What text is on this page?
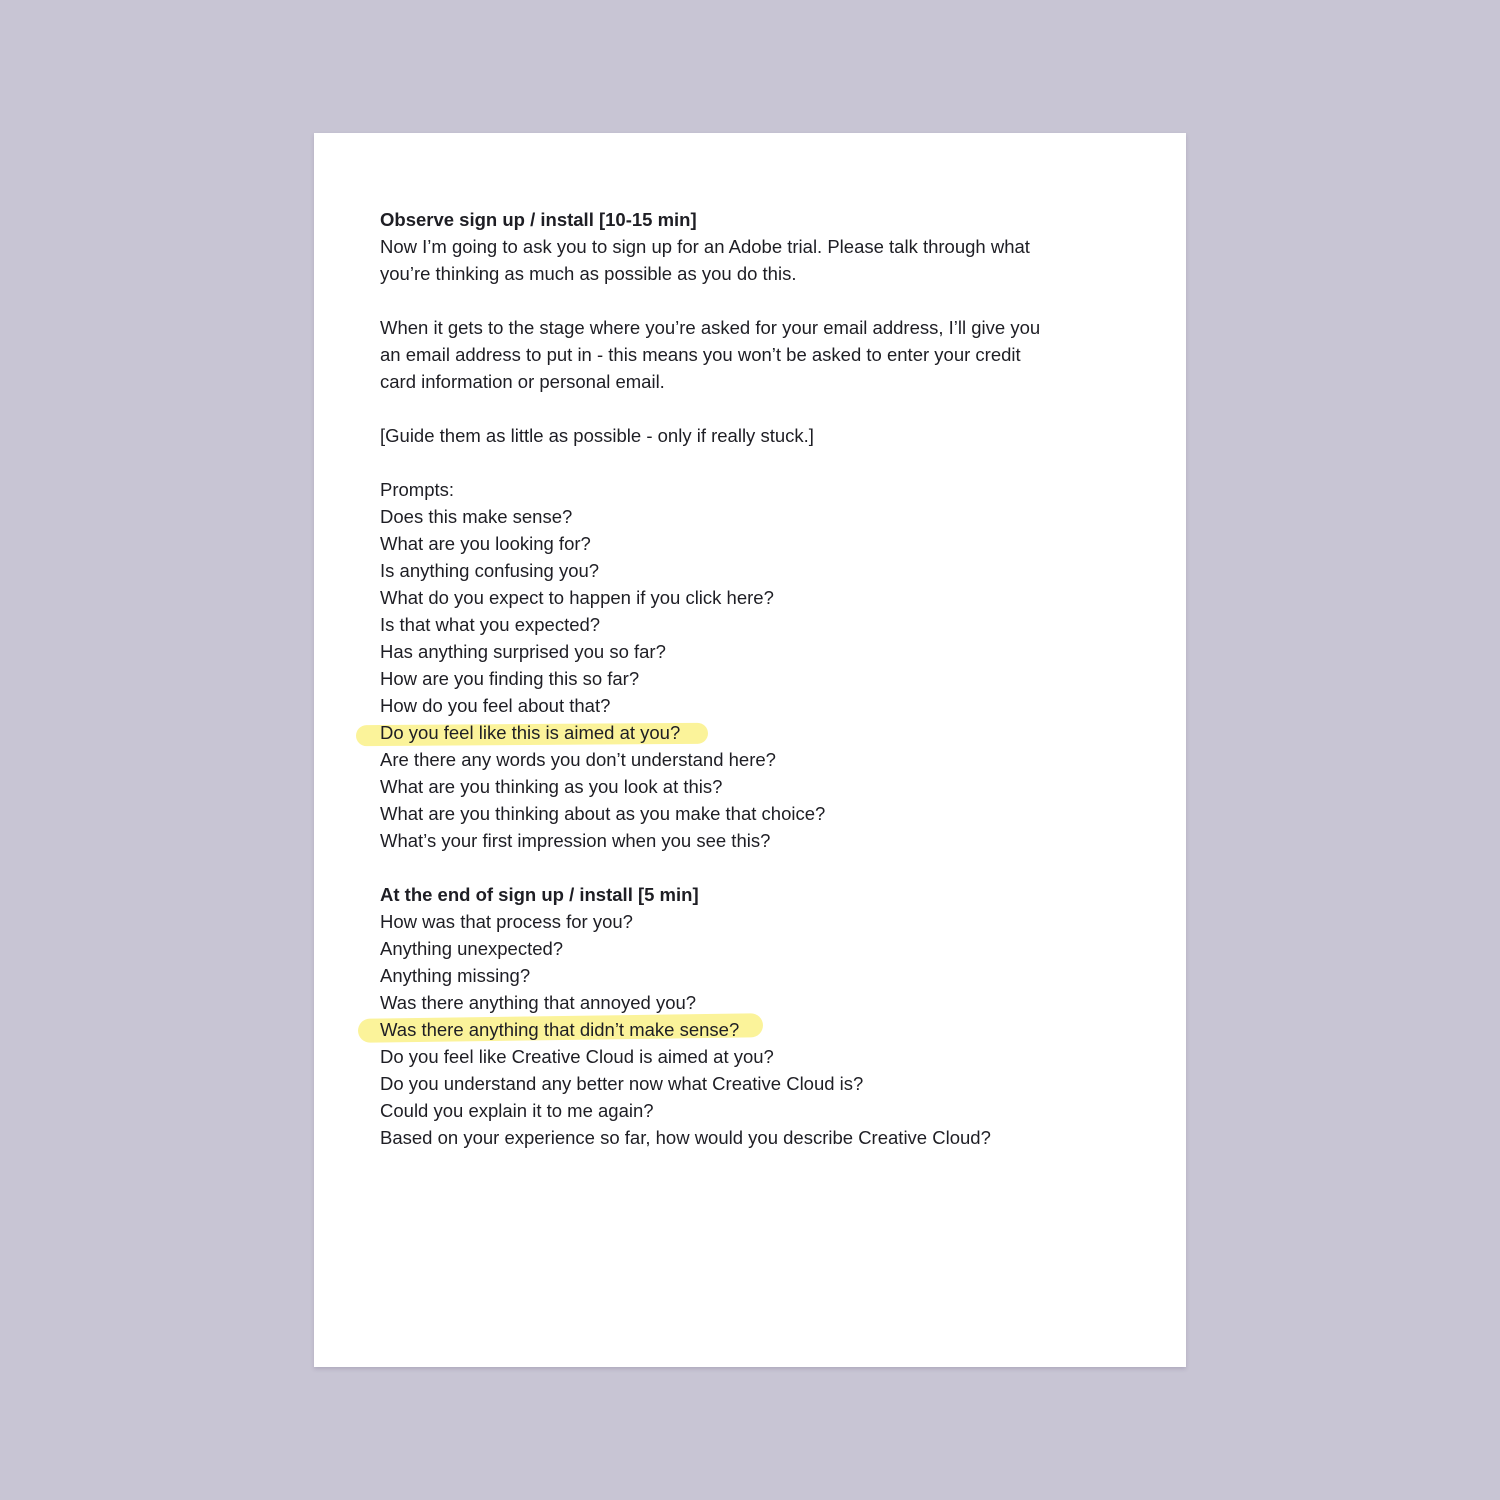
Observe sign up / install [10-15 min]
Now I’m going to ask you to sign up for an Adobe trial. Please talk through what
you’re thinking as much as possible as you do this.
When it gets to the stage where you’re asked for your email address, I’ll give you
an email address to put in - this means you won’t be asked to enter your credit
card information or personal email.
[Guide them as little as possible - only if really stuck.]
Prompts:
Does this make sense?
What are you looking for?
Is anything confusing you?
What do you expect to happen if you click here?
Is that what you expected?
Has anything surprised you so far?
How are you finding this so far?
How do you feel about that?
Do you feel like this is aimed at you?
Are there any words you don’t understand here?
What are you thinking as you look at this?
What are you thinking about as you make that choice?
What’s your first impression when you see this?
At the end of sign up / install [5 min]
How was that process for you?
Anything unexpected?
Anything missing?
Was there anything that annoyed you?
Was there anything that didn’t make sense?
Do you feel like Creative Cloud is aimed at you?
Do you understand any better now what Creative Cloud is?
Could you explain it to me again?
Based on your experience so far, how would you describe Creative Cloud?
